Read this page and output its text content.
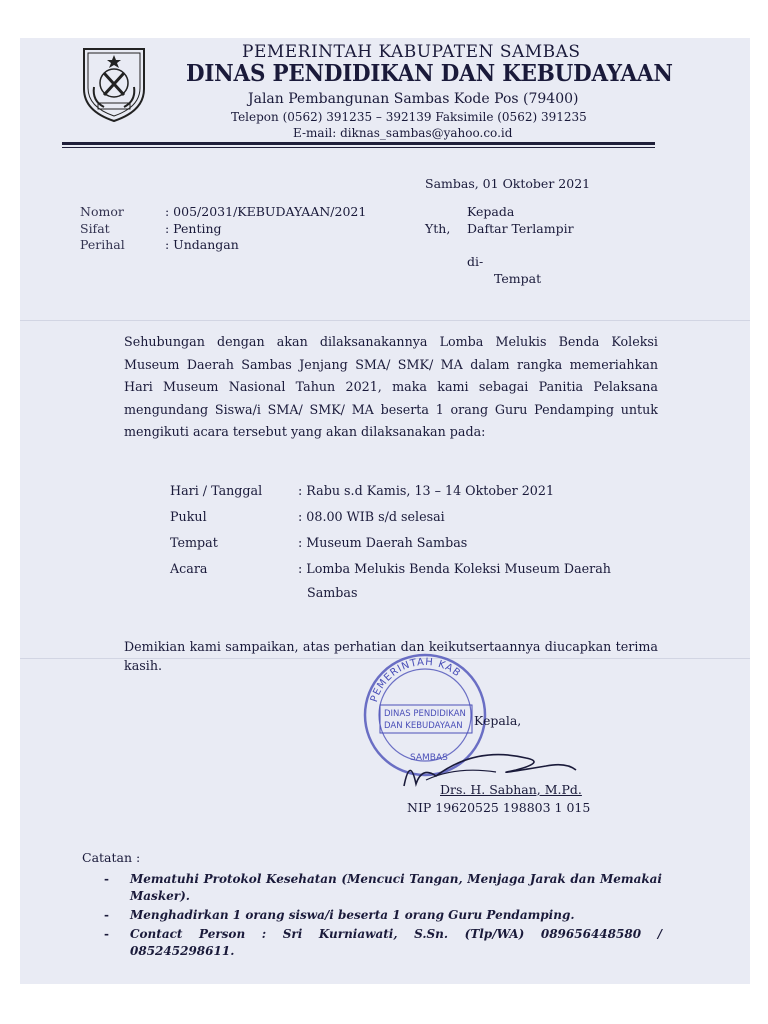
PEMERINTAH KABUPATEN SAMBAS
DINAS PENDIDIKAN DAN KEBUDAYAAN
Jalan Pembangunan Sambas Kode Pos (79400)
Telepon (0562) 391235 – 392139 Faksimile (0562) 391235
E-mail: diknas_sambas@yahoo.co.id
Sambas, 01 Oktober 2021
Nomor	: 005/2031/KEBUDAYAAN/2021
Sifat	: Penting
Perihal	: Undangan
Kepada
Yth, Daftar Terlampir
di-
Tempat
Sehubungan dengan akan dilaksanakannya Lomba Melukis Benda Koleksi Museum Daerah Sambas Jenjang SMA/ SMK/ MA dalam rangka memeriahkan Hari Museum Nasional Tahun 2021, maka kami sebagai Panitia Pelaksana mengundang Siswa/i SMA/ SMK/ MA beserta 1 orang Guru Pendamping untuk mengikuti acara tersebut yang akan dilaksanakan pada:
Hari / Tanggal	: Rabu s.d Kamis, 13 – 14 Oktober 2021
Pukul	: 08.00 WIB s/d selesai
Tempat	: Museum Daerah Sambas
Acara	: Lomba Melukis Benda Koleksi Museum Daerah
Sambas
Demikian kami sampaikan, atas perhatian dan keikutsertaannya diucapkan terima kasih.
PEMERINTAH KAB
DINAS PENDIDIKAN
DAN KEBUDAYAAN
SAMBAS
Kepala,
Drs. H. Sabhan, M.Pd.
NIP 19620525 198803 1 015
Catatan :
- Mematuhi Protokol Kesehatan (Mencuci Tangan, Menjaga Jarak dan Memakai Masker).
- Menghadirkan 1 orang siswa/i beserta 1 orang Guru Pendamping.
- Contact Person : Sri Kurniawati, S.Sn. (Tlp/WA) 089656448580 / 085245298611.
